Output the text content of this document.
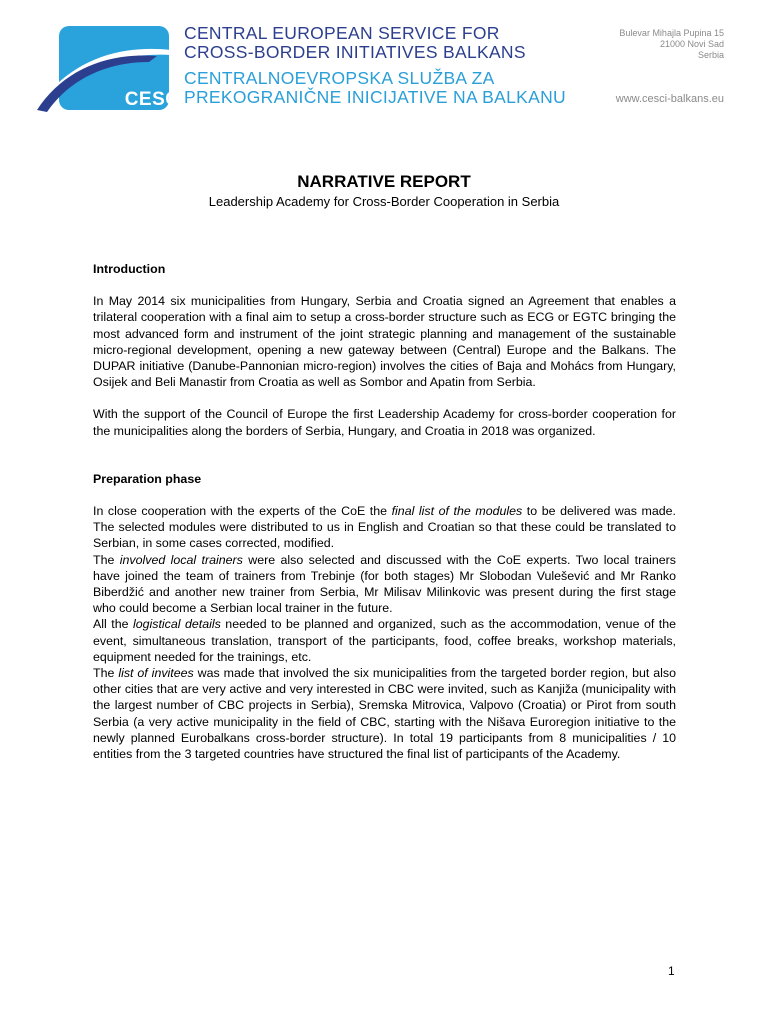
CESCI
BALKANS
CENTRAL EUROPEAN SERVICE FOR
CROSS-BORDER INITIATIVES BALKANS
CENTRALNOEVROPSKA SLUŽBA ZA
PREKOGRANIČNE INICIJATIVE NA BALKANU
Bulevar Mihajla Pupina 15
21000 Novi Sad
Serbia
www.cesci-balkans.eu
NARRATIVE REPORT
Leadership Academy for Cross-Border Cooperation in Serbia

Introduction

In May 2014 six municipalities from Hungary, Serbia and Croatia signed an Agreement that enables a trilateral cooperation with a final aim to setup a cross-border structure such as ECG or EGTC bringing the most advanced form and instrument of the joint strategic planning and management of the sustainable micro-regional development, opening a new gateway between (Central) Europe and the Balkans. The DUPAR initiative (Danube-Pannonian micro-region) involves the cities of Baja and Mohács from Hungary, Osijek and Beli Manastir from Croatia as well as Sombor and Apatin from Serbia.

With the support of the Council of Europe the first Leadership Academy for cross-border cooperation for the municipalities along the borders of Serbia, Hungary, and Croatia in 2018 was organized.

Preparation phase

In close cooperation with the experts of the CoE the final list of the modules to be delivered was made. The selected modules were distributed to us in English and Croatian so that these could be translated to Serbian, in some cases corrected, modified.

The involved local trainers were also selected and discussed with the CoE experts. Two local trainers have joined the team of trainers from Trebinje (for both stages) Mr Slobodan Vulešević and Mr Ranko Biberdžić and another new trainer from Serbia, Mr Milisav Milinkovic was present during the first stage who could become a Serbian local trainer in the future.

All the logistical details needed to be planned and organized, such as the accommodation, venue of the event, simultaneous translation, transport of the participants, food, coffee breaks, workshop materials, equipment needed for the trainings, etc.

The list of invitees was made that involved the six municipalities from the targeted border region, but also other cities that are very active and very interested in CBC were invited, such as Kanjiža (municipality with the largest number of CBC projects in Serbia), Sremska Mitrovica, Valpovo (Croatia) or Pirot from south Serbia (a very active municipality in the field of CBC, starting with the Nišava Euroregion initiative to the newly planned Eurobalkans cross-border structure). In total 19 participants from 8 municipalities / 10 entities from the 3 targeted countries have structured the final list of participants of the Academy.

1
